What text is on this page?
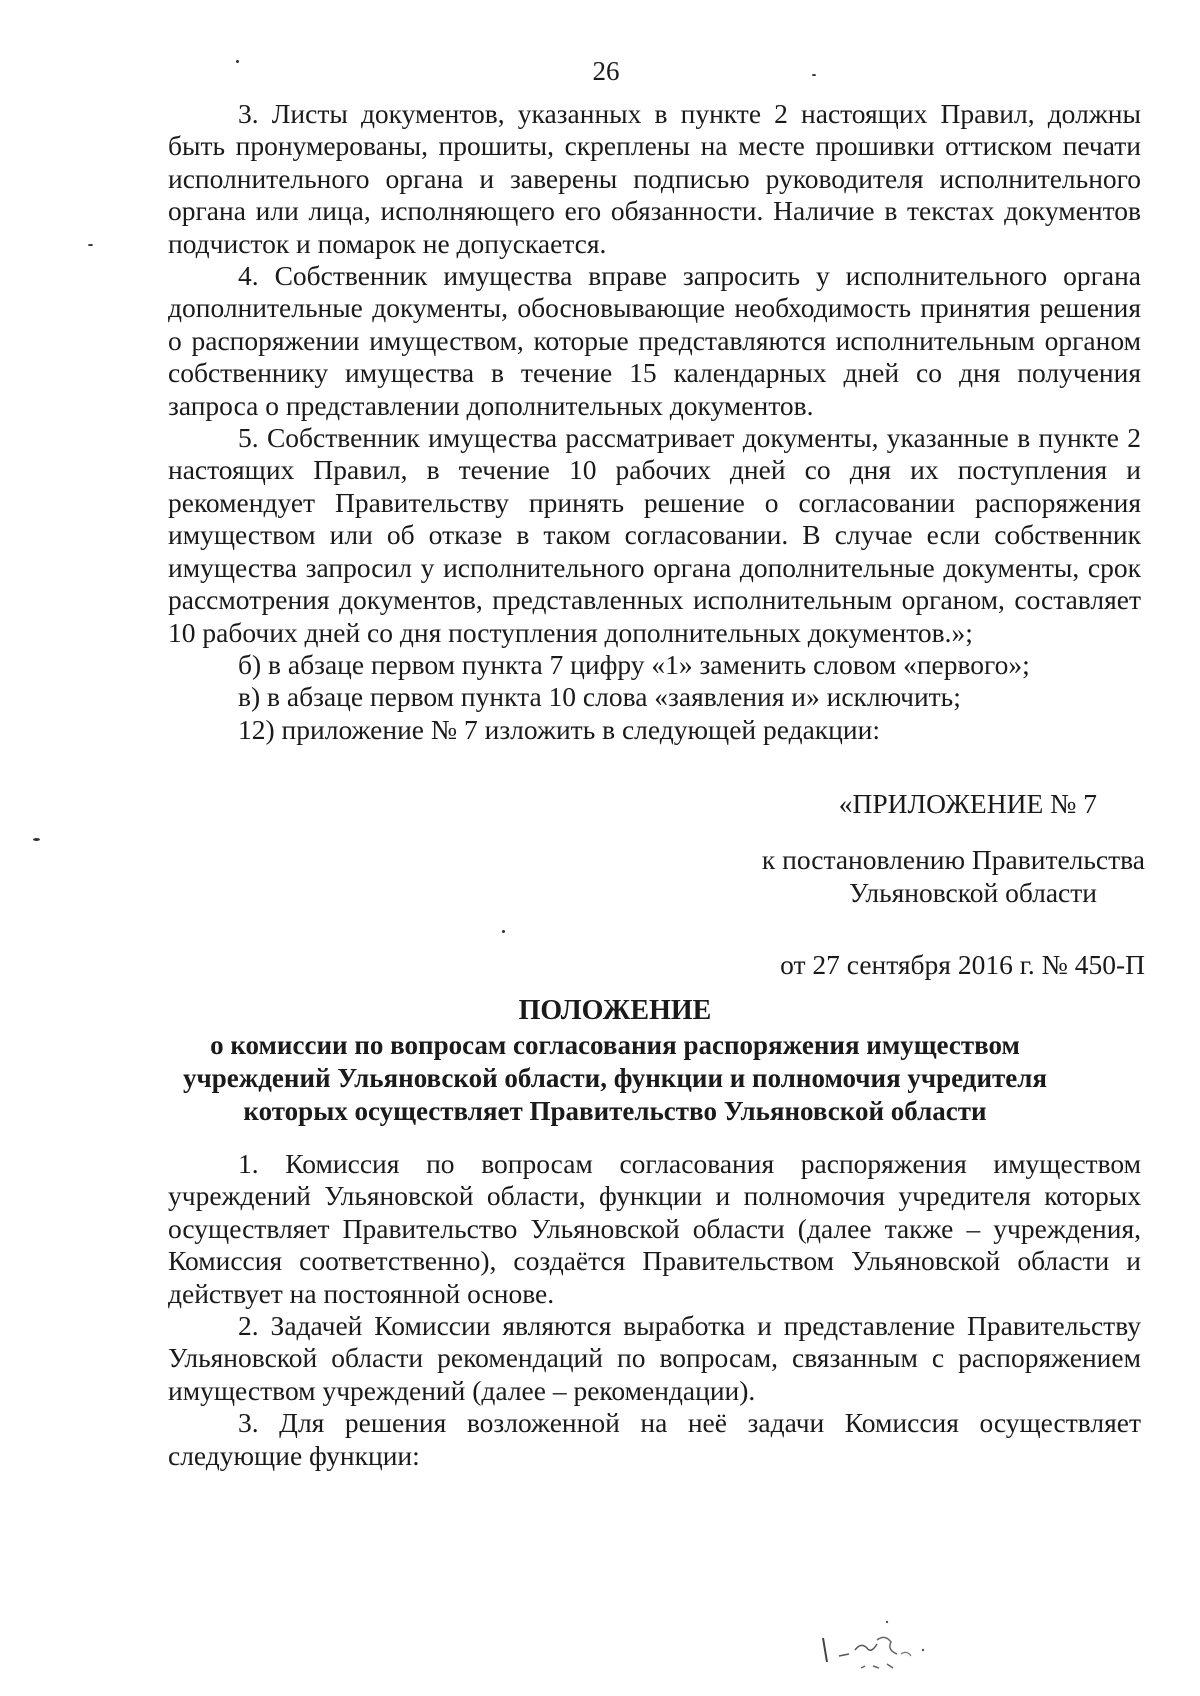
26

3. Листы документов, указанных в пункте 2 настоящих Правил, должны быть пронумерованы, прошиты, скреплены на месте прошивки оттиском печати исполнительного органа и заверены подписью руководителя исполнительного органа или лица, исполняющего его обязанности. Наличие в текстах документов подчисток и помарок не допускается.

4. Собственник имущества вправе запросить у исполнительного органа дополнительные документы, обосновывающие необходимость принятия решения о распоряжении имуществом, которые представляются исполнительным органом собственнику имущества в течение 15 календарных дней со дня получения запроса о представлении дополнительных документов.

5. Собственник имущества рассматривает документы, указанные в пункте 2 настоящих Правил, в течение 10 рабочих дней со дня их поступления и рекомендует Правительству принять решение о согласовании распоряжения имуществом или об отказе в таком согласовании. В случае если собственник имущества запросил у исполнительного органа дополнительные документы, срок рассмотрения документов, представленных исполнительным органом, составляет 10 рабочих дней со дня поступления дополнительных документов.»;

б) в абзаце первом пункта 7 цифру «1» заменить словом «первого»;

в) в абзаце первом пункта 10 слова «заявления и» исключить;

12) приложение № 7 изложить в следующей редакции:

«ПРИЛОЖЕНИЕ № 7
к постановлению Правительства
Ульяновской области
от 27 сентября 2016 г. № 450-П
ПОЛОЖЕНИЕ
о комиссии по вопросам согласования распоряжения имуществом
учреждений Ульяновской области, функции и полномочия учредителя
которых осуществляет Правительство Ульяновской области

1. Комиссия по вопросам согласования распоряжения имуществом учреждений Ульяновской области, функции и полномочия учредителя которых осуществляет Правительство Ульяновской области (далее также – учреждения, Комиссия соответственно), создаётся Правительством Ульяновской области и действует на постоянной основе.

2. Задачей Комиссии являются выработка и представление Правительству Ульяновской области рекомендаций по вопросам, связанным с распоряжением имуществом учреждений (далее – рекомендации).

3. Для решения возложенной на неё задачи Комиссия осуществляет следующие функции:
